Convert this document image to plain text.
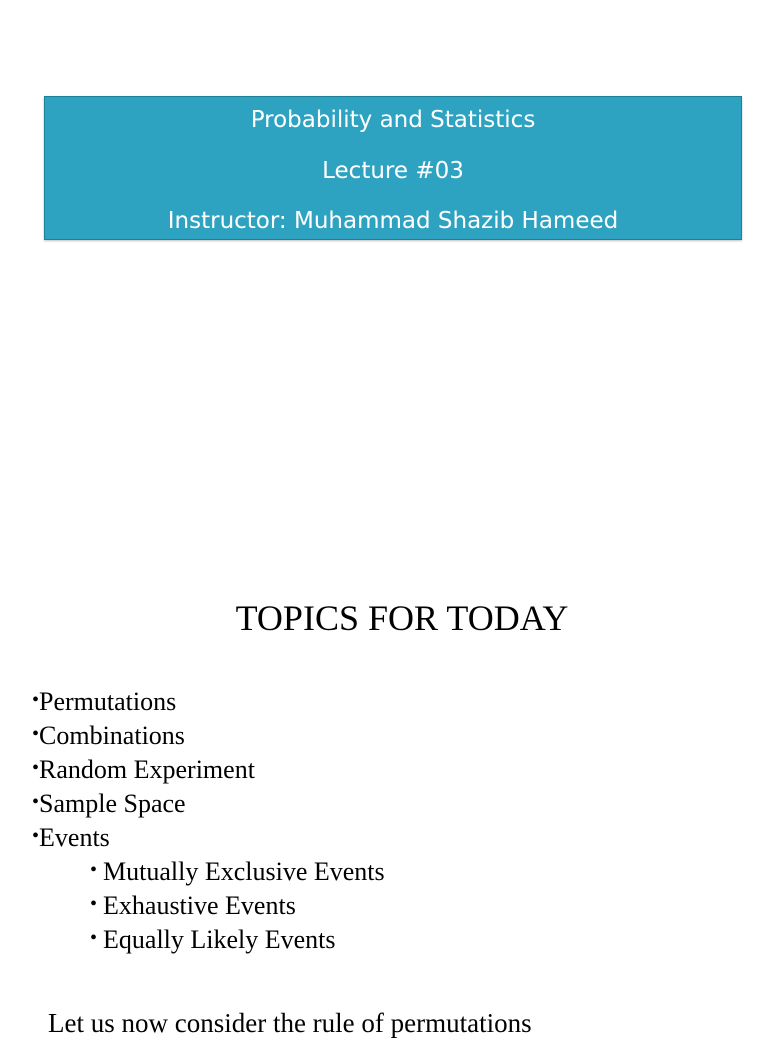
Probability and Statistics
Lecture #03
Instructor: Muhammad Shazib Hameed
TOPICS FOR TODAY
•Permutations
•Combinations
•Random Experiment
•Sample Space
•Events
• Mutually Exclusive Events
• Exhaustive Events
• Equally Likely Events

Let us now consider the rule of permutations
